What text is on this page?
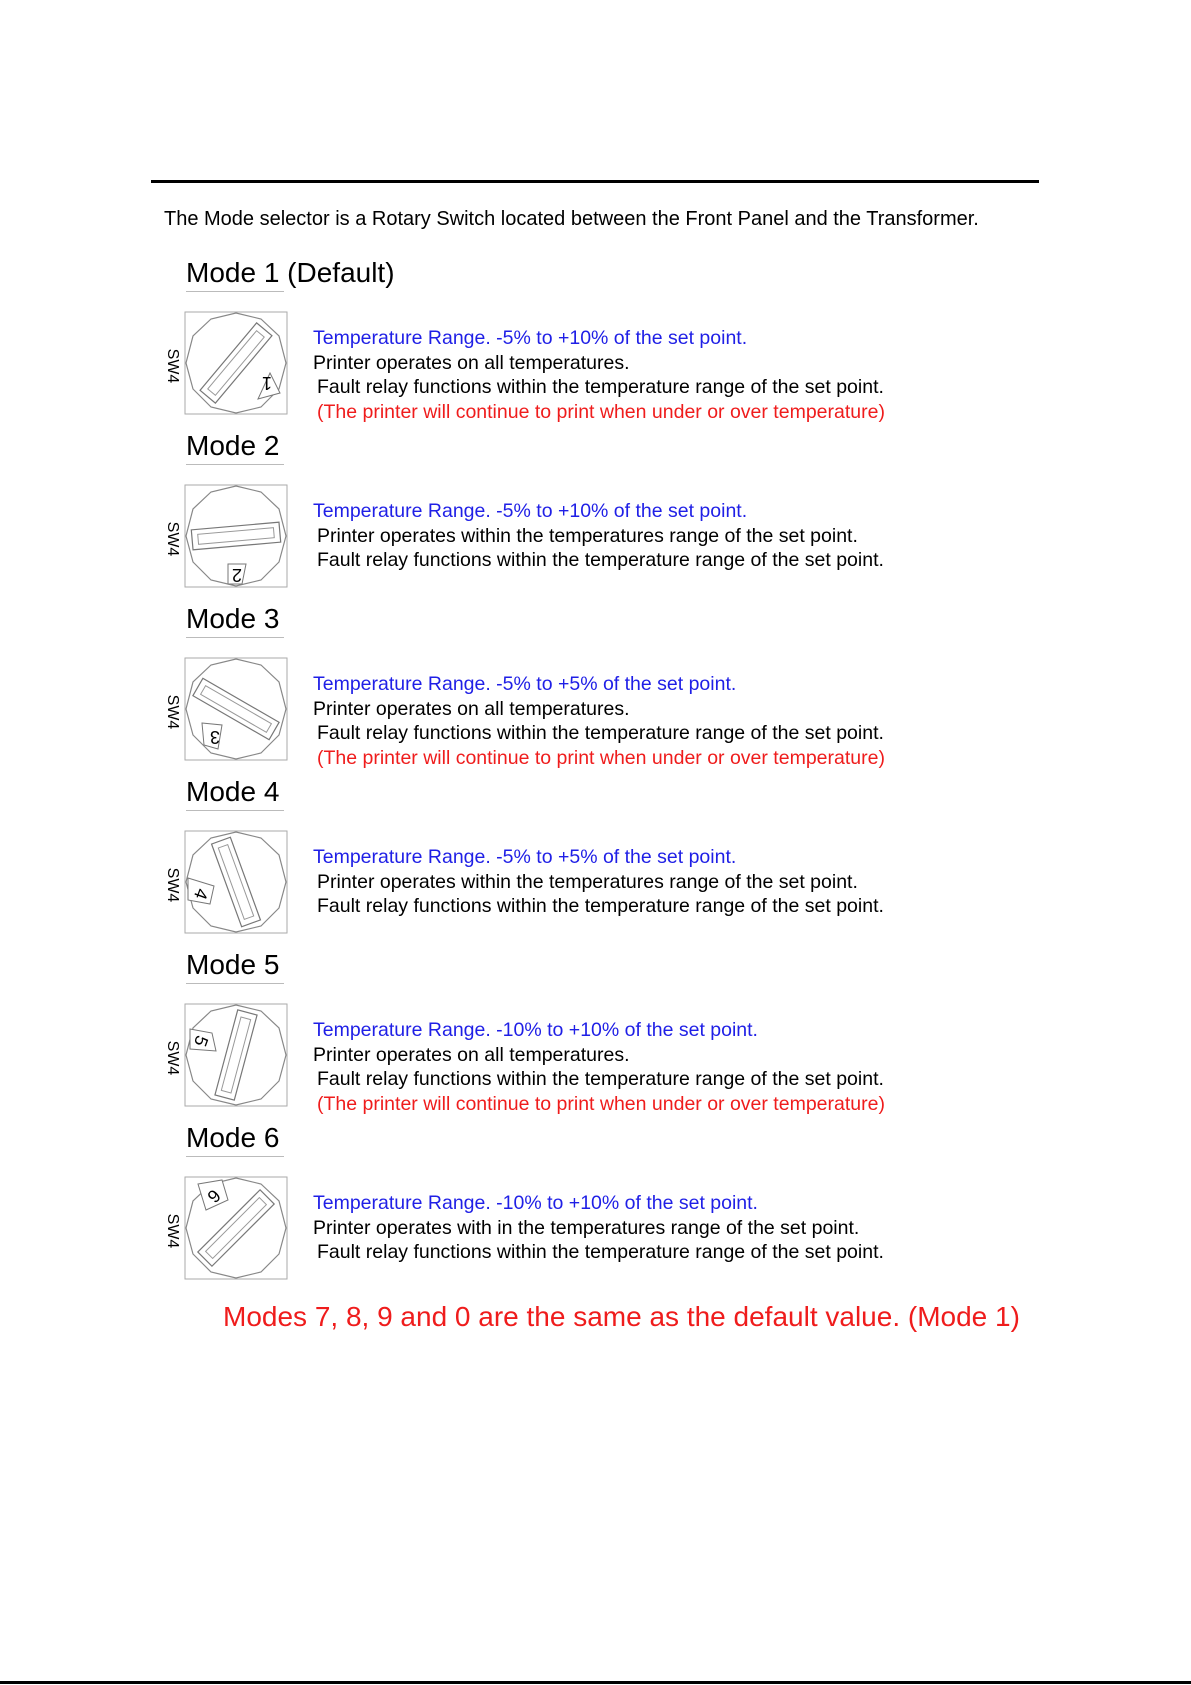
The Mode selector is a Rotary Switch located between the Front Panel and the Transformer.
Mode 1 (Default)
SW4	1
Temperature Range. -5% to +10% of the set point.
Printer operates on all temperatures.
Fault relay functions within the temperature range of the set point.
(The printer will continue to print when under or over temperature)
Mode 2
SW4
2
Temperature Range. -5% to +10% of the set point.
Printer operates within the temperatures range of the set point.
Fault relay functions within the temperature range of the set point.
Mode 3
SW4
3
Temperature Range. -5% to +5% of the set point.
Printer operates on all temperatures.
Fault relay functions within the temperature range of the set point.
(The printer will continue to print when under or over temperature)
Mode 4
SW4 4
Temperature Range. -5% to +5% of the set point.
Printer operates within the temperatures range of the set point.
Fault relay functions within the temperature range of the set point.
Mode 5
SW4 5	Temperature Range. -10% to +10% of the set point.
Printer operates on all temperatures.
Fault relay functions within the temperature range of the set point.
(The printer will continue to print when under or over temperature)
Mode 6
SW4
6	Temperature Range. -10% to +10% of the set point.
Printer operates with in the temperatures range of the set point.
Fault relay functions within the temperature range of the set point.
Modes 7, 8, 9 and 0 are the same as the default value. (Mode 1)
